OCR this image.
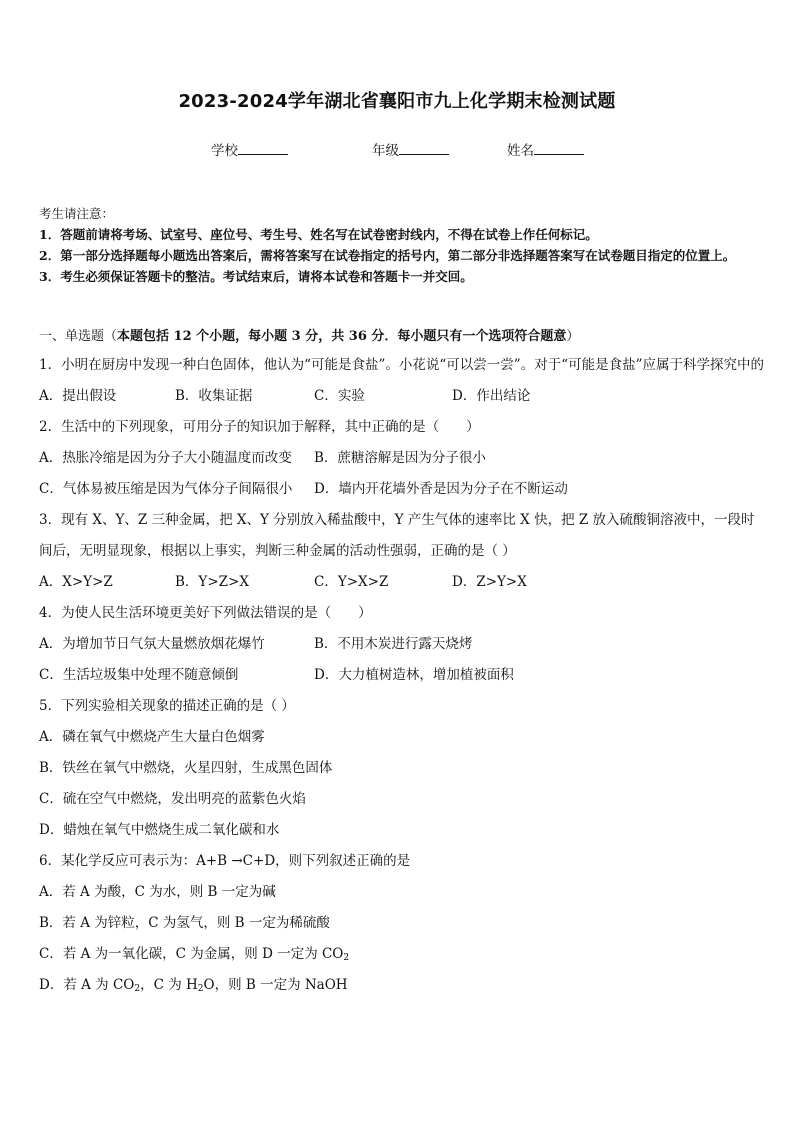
2023-2024学年湖北省襄阳市九上化学期末检测试题
学校	年级	姓名
考生请注意：
1．答题前请将考场、试室号、座位号、考生号、姓名写在试卷密封线内，不得在试卷上作任何标记。
2．第一部分选择题每小题选出答案后，需将答案写在试卷指定的括号内，第二部分非选择题答案写在试卷题目指定的位置上。
3．考生必须保证答题卡的整洁。考试结束后，请将本试卷和答题卡一并交回。
一、单选题（本题包括 12 个小题，每小题 3 分，共 36 分．每小题只有一个选项符合题意）
1．小明在厨房中发现一种白色固体，他认为“可能是食盐”。小花说“可以尝一尝”。对于“可能是食盐”应属于科学探究中的
A．提出假设	B．收集证据	C．实验	D．作出结论
2．生活中的下列现象，可用分子的知识加于解释，其中正确的是（　　）
A．热胀冷缩是因为分子大小随温度而改变 B．蔗糖溶解是因为分子很小
C．气体易被压缩是因为气体分子间隔很小 D．墙内开花墙外香是因为分子在不断运动
3．现有 X、Y、Z 三种金属，把 X、Y 分别放入稀盐酸中，Y 产生气体的速率比 X 快，把 Z 放入硫酸铜溶液中，一段时间后，无明显现象，根据以上事实，判断三种金属的活动性强弱，正确的是（ ）
A．X>Y>Z	B．Y>Z>X	C．Y>X>Z	D．Z>Y>X
4．为使人民生活环境更美好下列做法错误的是（　　）
A．为增加节日气氛大量燃放烟花爆竹	B．不用木炭进行露天烧烤
C．生活垃圾集中处理不随意倾倒	D．大力植树造林，增加植被面积
5．下列实验相关现象的描述正确的是（ ）
A．磷在氧气中燃烧产生大量白色烟雾
B．铁丝在氧气中燃烧，火星四射，生成黑色固体
C．硫在空气中燃烧，发出明亮的蓝紫色火焰
D．蜡烛在氧气中燃烧生成二氧化碳和水
6．某化学反应可表示为：A+B →C+D，则下列叙述正确的是
A．若 A 为酸，C 为水，则 B 一定为碱
B．若 A 为锌粒，C 为氢气，则 B 一定为稀硫酸
C．若 A 为一氧化碳，C 为金属，则 D 一定为 $CO_2$
D．若 A 为 $CO_2$，C 为 $H_2O$，则 B 一定为 NaOH
